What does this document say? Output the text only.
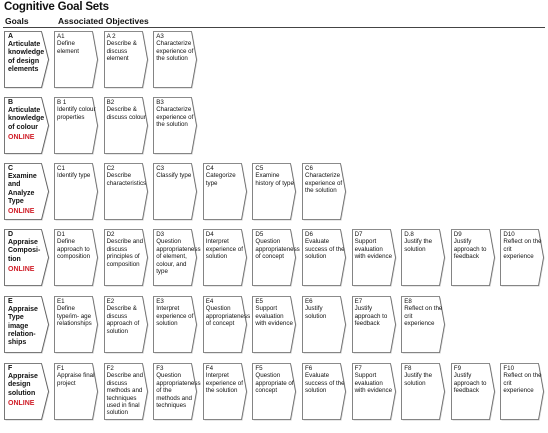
Cognitive Goal Sets
Goals	Associated Objectives
A
Articulate knowledge of design elements
A1
Define element
A 2
Describe & discuss element
A3
Characterize experience of the solution
B
Articulate knowledge of colour
ONLINE
B 1
Identify colour properties
B2
Describe & discuss colour
B3
Characterize experience of the solution
C
Examine and Analyze Type
ONLINE
C1
Identify type
C2
Describe characteristics
C3
Classify type
C4
Categorize type
C5
Examine history of type
C6
Characterize experience of the solution
D
Appraise Composi- tion
ONLINE
D1
Define approach to composition
D2
Describe and discuss principles of composition
D3
Question appropriateness of element, colour, and type
D4
Interpret experience of solution
D5
Question appropriateness of concept
D6
Evaluate success of the solution
D7
Support evaluation with evidence
D.8
Justify the solution
D9
Justify approach to feedback
D10
Reflect on the crit experience
E
Appraise Type image relation- ships
E1
Define type/im- age relationships
E2
Describe & discuss approach of solution
E3
Interpret experience of solution
E4
Question appropriateness of concept
E5
Support evaluation with evidence
E6
Justify solution
E7
Justify approach to feedback
E8
Reflect on the crit experience
F
Appraise design solution
ONLINE
F1
Appraise final project
F2
Describe and discuss methods and techniques used in final solution
F3
Question appropriateness of the methods and techniques
F4
Interpret experience of the solution
F5
Question appropriate of concept
F6
Evaluate success of the solution
F7
Support evaluation with evidence
F8
Justify the solution
F9
Justify approach to feedback
F10
Reflect on the crit experience
